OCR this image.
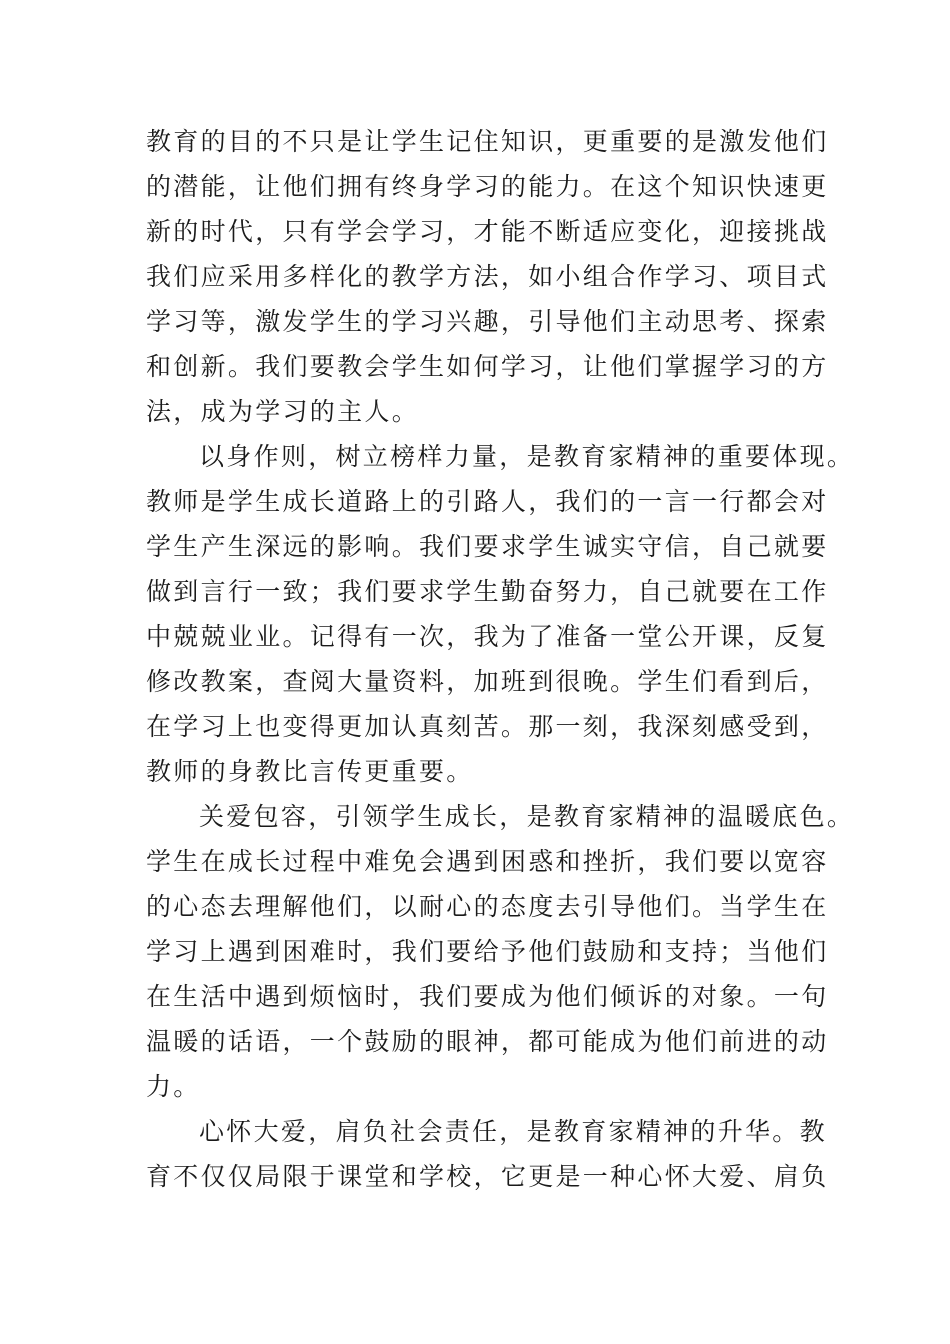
教育的目的不只是让学生记住知识，更重要的是激发他们
的潜能，让他们拥有终身学习的能力。在这个知识快速更
新的时代，只有学会学习，才能不断适应变化，迎接挑战
我们应采用多样化的教学方法，如小组合作学习、项目式
学习等，激发学生的学习兴趣，引导他们主动思考、探索
和创新。我们要教会学生如何学习，让他们掌握学习的方
法，成为学习的主人。
以身作则，树立榜样力量，是教育家精神的重要体现。
教师是学生成长道路上的引路人，我们的一言一行都会对
学生产生深远的影响。我们要求学生诚实守信，自己就要
做到言行一致；我们要求学生勤奋努力，自己就要在工作
中兢兢业业。记得有一次，我为了准备一堂公开课，反复
修改教案，查阅大量资料，加班到很晚。学生们看到后，
在学习上也变得更加认真刻苦。那一刻，我深刻感受到，
教师的身教比言传更重要。
关爱包容，引领学生成长，是教育家精神的温暖底色。
学生在成长过程中难免会遇到困惑和挫折，我们要以宽容
的心态去理解他们，以耐心的态度去引导他们。当学生在
学习上遇到困难时，我们要给予他们鼓励和支持；当他们
在生活中遇到烦恼时，我们要成为他们倾诉的对象。一句
温暖的话语，一个鼓励的眼神，都可能成为他们前进的动
力。
心怀大爱，肩负社会责任，是教育家精神的升华。教
育不仅仅局限于课堂和学校，它更是一种心怀大爱、肩负
